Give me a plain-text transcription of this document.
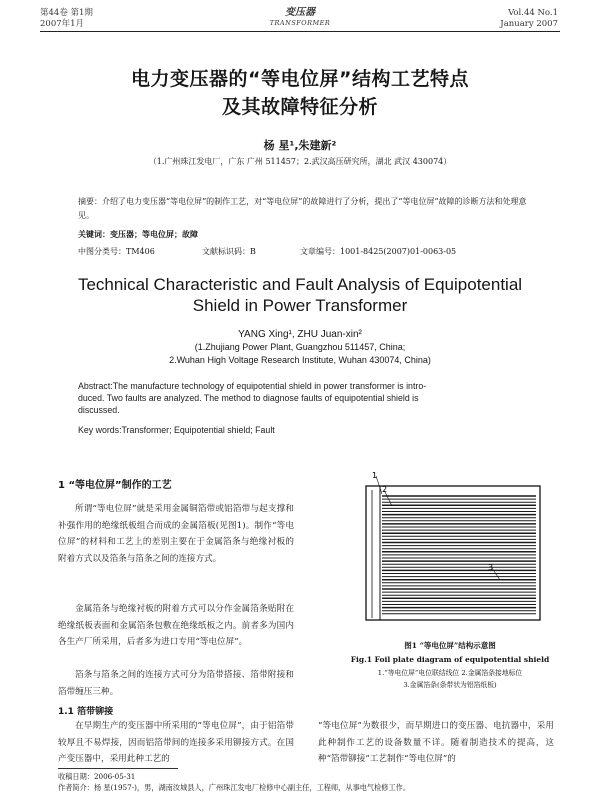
第44卷 第1期
2007年1月
变压器
TRANSFORMER
Vol.44 No.1
January 2007
电力变压器的“等电位屏”结构工艺特点
及其故障特征分析
杨 星¹,朱建新²
（1.广州珠江发电厂，广东 广州 511457；2.武汉高压研究所，湖北 武汉 430074）
摘要：介绍了电力变压器“等电位屏”的制作工艺，对“等电位屏”的故障进行了分析，提出了“等电位屏”故障的诊断方法和处理意见。
关键词：变压器；等电位屏；故障
中图分类号：TM406	文献标识码：B	文章编号：1001-8425(2007)01-0063-05
Technical Characteristic and Fault Analysis of Equipotential
Shield in Power Transformer
YANG Xing¹, ZHU Juan-xin²
(1.Zhujiang Power Plant, Guangzhou 511457, China;
2.Wuhan High Voltage Research Institute, Wuhan 430074, China)
Abstract:The manufacture technology of equipotential shield in power transformer is intro-
duced. Two faults are analyzed. The method to diagnose faults of equipotential shield is
discussed.
Key words:Transformer; Equipotential shield; Fault
1 “等电位屏”制作的工艺
所谓“等电位屏”就是采用金属铜箔带或铝箔带与起支撑和补强作用的绝缘纸板组合而成的金属箔板(见图1)。制作“等电位屏”的材料和工艺上的差别主要在于金属箔条与绝缘衬板的附着方式以及箔条与箔条之间的连接方式。
金属箔条与绝缘衬板的附着方式可以分作金属箔条贴附在绝缘纸板表面和金属箔条包敷在绝缘纸板之内。前者多为国内各生产厂所采用，后者多为进口专用“等电位屏”。
箔条与箔条之间的连接方式可分为箔带搭接、箔带附接和箔带缠压三种。
1.1 箔带铆接
在早期生产的变压器中所采用的“等电位屏”，由于铝箔带较厚且不易焊接，因而铝箔带间的连接多采用铆接方式。在国产变压器中，采用此种工艺的
1
2
3
图1 “等电位屏”结构示意图
Fig.1 Foil plate diagram of equipotential shield
1.“等电位屏”电位联结线位 2.金属箔条接地标位
3.金属箔条(条带状为铝箔纸板)
“等电位屏”为数很少，而早期进口的变压器、电抗器中，采用此种制作工艺的设备数量不详。随着制造技术的提高，这种“箔带铆接”工艺制作“等电位屏”的
收稿日期：2006-05-31
作者简介：杨 星(1957-)，男，湖南汝城县人，广州珠江发电厂检修中心副主任，工程师，从事电气检修工作。
